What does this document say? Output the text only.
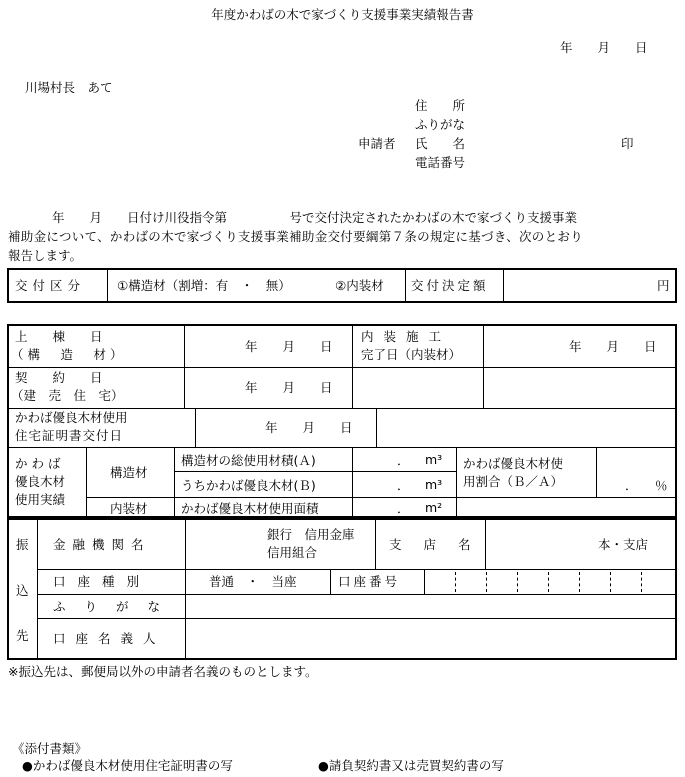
年度かわばの木で家づくり支援事業実績報告書
年　　月　　日
川場村長　あて
住　　所
ふりがな
申請者 氏　　名	印
電話番号
年　　月　　日付け川役指令第　　　　　号で交付決定されたかわばの木で家づくり支援事業
補助金について、かわばの木で家づくり支援事業補助金交付要綱第７条の規定に基づき、次のとおり
報告します。
交付区分	①構造材（割増：有　・　無）	②内装材 交付決定額	円
上　　棟　　日
（構　造　材）
年　　月　　日
内装施工
完了日（内装材）
年　　月　　日
契　　約　　日
（建　売　住　宅）
年　　月　　日
かわば優良木材使用
住宅証明書交付日
年　　月　　日
かわば
優良木材
使用実績
構造材
内装材
構造材の総使用材積(Ａ)
うちかわば優良木材(Ｂ)
かわば優良木材使用面積
． m³
． m³
． m²
かわば優良木材使
用割合（Ｂ／Ａ）	． ％
振
込
先
金融機関名
銀行　信用金庫
信用組合
支店名	本・支店
口座種別	普通　・　当座	口座番号
ふりがな
口座名義人
※振込先は、郵便局以外の申請者名義のものとします。
《添付書類》
● かわば優良木材使用住宅証明書の写
●	請負契約書又は売買契約書の写
